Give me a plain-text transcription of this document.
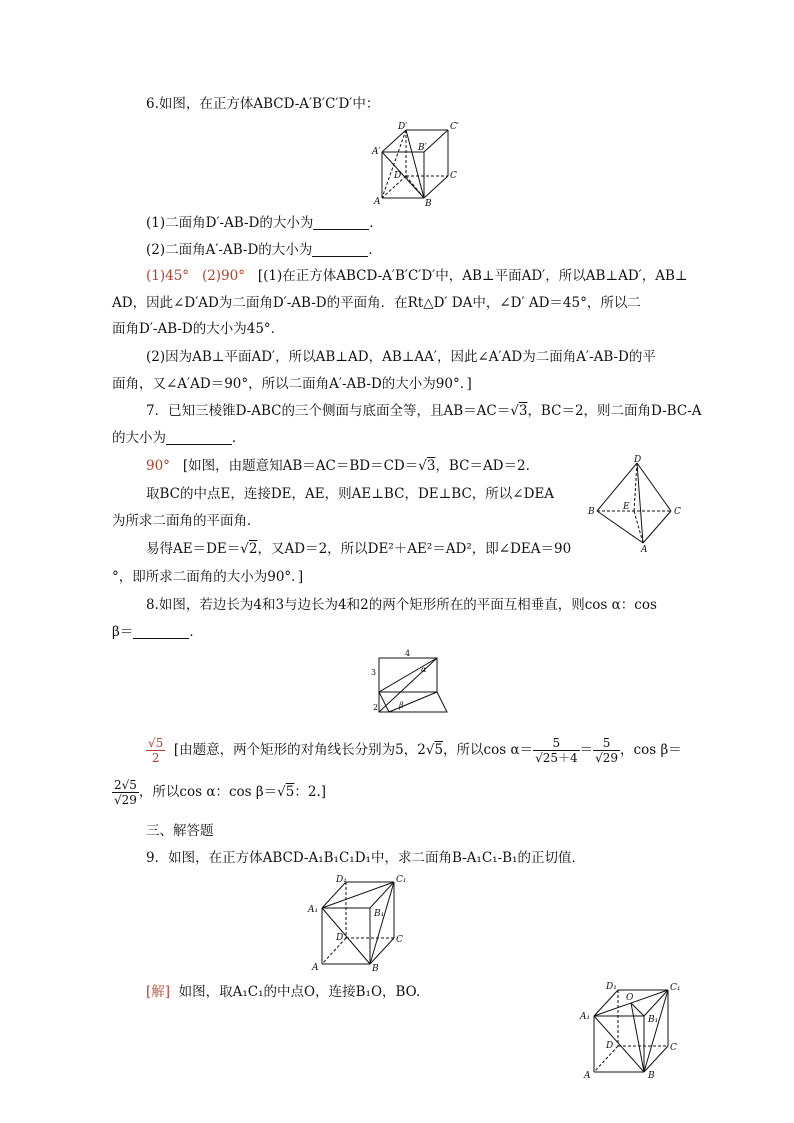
6.如图，在正方体ABCD-A′B′C′D′中：
D′	C′
A′	B′
D	C
A	B
(1)二面角D′-AB-D的大小为	．
(2)二面角A′-AB-D的大小为	．
(1)45° (2)90° [(1)在正方体ABCD-A′B′C′D′中，AB⊥平面AD′，所以AB⊥AD′，AB⊥
AD，因此∠D′AD为二面角D′-AB-D的平面角．在Rt△D′ DA中，∠D′ AD＝45°，所以二
面角D′-AB-D的大小为45°．
(2)因为AB⊥平面AD′，所以AB⊥AD，AB⊥AA′，因此∠A′AD为二面角A′-AB-D的平
面角，又∠A′AD＝90°，所以二面角A′-AB-D的大小为90°．]
7．已知三棱锥D-ABC的三个侧面与底面全等，且AB＝AC＝√3，BC＝2，则二面角D-BC-A
的大小为	．
90° [如图，由题意知AB＝AC＝BD＝CD＝√3，BC＝AD＝2.
取BC的中点E，连接DE，AE，则AE⊥BC，DE⊥BC，所以∠DEA
为所求二面角的平面角．
易得AE＝DE＝√2，又AD＝2，所以DE²＋AE²＝AD²，即∠DEA＝90
°，即所求二面角的大小为90°．]
D
B	C
E
A
8.如图，若边长为4和3与边长为4和2的两个矩形所在的平面互相垂直，则cos α：cos
β＝	．
4
3
2
α
β
$\frac{√5}{2}$ [由题意，两个矩形的对角线长分别为5，2√5，所以$\cos \alpha= \frac{5}{√25+4} = \frac{5}{√29}$ ，cos β＝
$\frac{2√5}{√29}$ ，所以cos α：cos β＝√5：2.]
三、解答题
9．如图，在正方体ABCD-A₁B₁C₁D₁中，求二面角B-A₁C₁-B₁的正切值．
D₁	C₁
A₁	B₁
D	C
A	B
[解] 如图，取A₁C₁的中点O，连接B₁O，BO.	D₁	C₁
O
A₁	B₁
D	C
A	B
